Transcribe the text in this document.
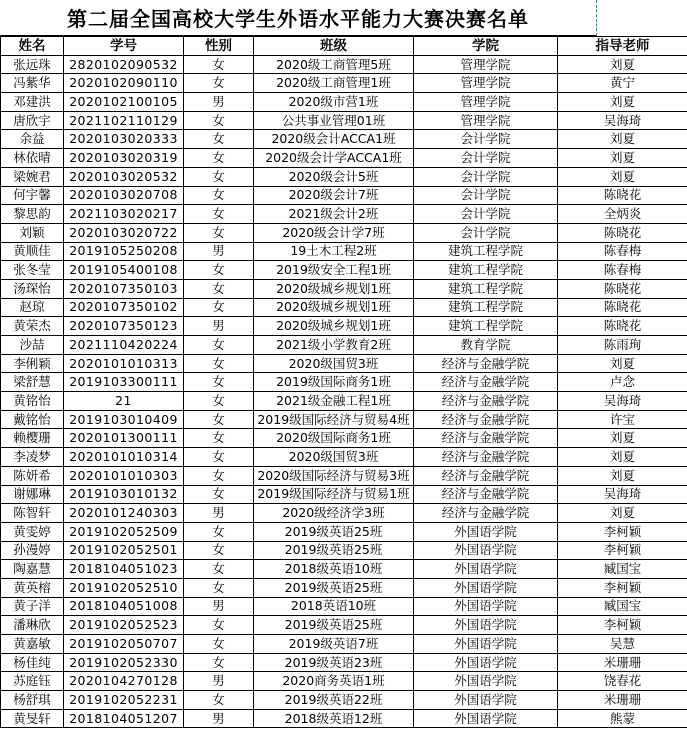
第二届全国高校大学生外语水平能力大赛决赛名单
姓名	学号	性别	班级	学院	指导老师
张远珠	2820102090532	女	2020级工商管理5班	管理学院	刘夏
冯紫华	2020102090110	女	2020级工商管理1班	管理学院	黄宁
邓建洪	2020102100105	男	2020级市营1班	管理学院	刘夏
唐欣宇	2021102110129	女	公共事业管理01班	管理学院	吴海琦
余益	2020103020333	女	2020级会计ACCA1班	会计学院	刘夏
林依晴	2020103020319	女	2020级会计学ACCA1班	会计学院	刘夏
梁婉君	2020103020532	女	2020级会计5班	会计学院	刘夏
何宇馨	2020103020708	女	2020级会计7班	会计学院	陈晓花
黎思韵	2021103020217	女	2021级会计2班	会计学院	全炳炎
刘颖	2020103020722	女	2020级会计学7班	会计学院	陈晓花
黄顺佳	2019105250208	男	19土木工程2班	建筑工程学院	陈春梅
张冬莹	2019105400108	女	2019级安全工程1班	建筑工程学院	陈春梅
汤琛怡	2020107350103	女	2020级城乡规划1班	建筑工程学院	陈晓花
赵琼	2020107350102	女	2020级城乡规划1班	建筑工程学院	陈晓花
黄荣杰	2020107350123	男	2020级城乡规划1班	建筑工程学院	陈晓花
沙喆	2021110420224	女	2021级小学教育2班	教育学院	陈雨珣
李俐颖	2020101010313	女	2020级国贸3班	经济与金融学院	刘夏
梁舒慧	2019103300111	女	2019级国际商务1班	经济与金融学院	卢念
黄铭怡	21	女	2021级金融工程1班	经济与金融学院	吴海琦
戴铭怡	2019103010409	女	2019级国际经济与贸易4班	经济与金融学院	许宝
赖樱珊	2020101300111	女	2020级国际商务1班	经济与金融学院	刘夏
李凌梦	2020101010314	女	2020级国贸3班	经济与金融学院	刘夏
陈妍希	2020101010303	女	2020级国际经济与贸易3班	经济与金融学院	刘夏
谢娜琳	2019103010132	女	2019级国际经济与贸易1班	经济与金融学院	吴海琦
陈智轩	2020101240303	男	2020级经济学3班	经济与金融学院	刘夏
黄雯婷	2019102052509	女	2019级英语25班	外国语学院	李柯颖
孙漫婷	2019102052501	女	2019级英语25班	外国语学院	李柯颖
陶嘉慧	2018104051023	女	2018级英语10班	外国语学院	臧国宝
黄英榕	2019102052510	女	2019级英语25班	外国语学院	李柯颖
黄子洋	2018104051008	男	2018英语10班	外国语学院	臧国宝
潘琳欣	2019102052523	女	2019级英语25班	外国语学院	李柯颖
黄嘉敏	2019102050707	女	2019级英语7班	外国语学院	吴慧
杨佳纯	2019102052330	女	2019级英语23班	外国语学院	米珊珊
苏庭钰	2020104270128	男	2020商务英语1班	外国语学院	饶春花
杨舒琪	2019102052231	女	2019级英语22班	外国语学院	米珊珊
黄旻轩	2018104051207	男	2018级英语12班	外国语学院	熊蒙
